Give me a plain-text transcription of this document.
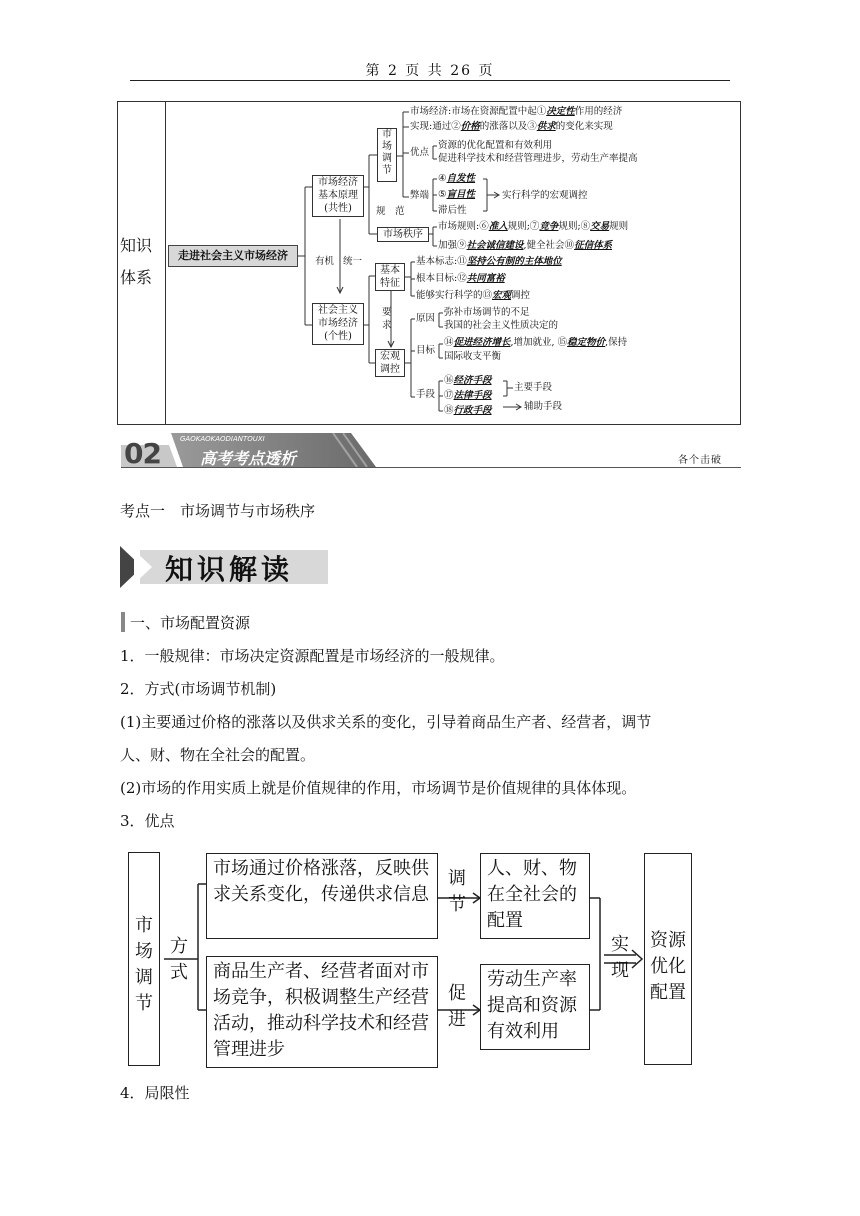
第 2 页 共 26 页
知识
体系
走进社会主义市场经济
市场经济
基本原理
(共性)
社会主义
市场经济
(个性)
有机 统一
市
场
调
节
规　范
市场秩序
基本
特征
要
求
宏观
调控
市场经济:市场在资源配置中起①决定性作用的经济
实现:通过②价格的涨落以及③供求的变化来实现
优点
资源的优化配置和有效利用
促进科学技术和经营管理进步，劳动生产率提高
弊端
④自发性
⑤盲目性
滞后性
实行科学的宏观调控
市场规则:⑥准入规则;⑦竞争规则;⑧交易规则
加强⑨社会诚信建设,健全社会⑩征信体系
基本标志:⑪坚持公有制的主体地位
根本目标:⑫共同富裕
能够实行科学的⑬宏观调控
原因
弥补市场调节的不足
我国的社会主义性质决定的
目标
⑭促进经济增长,增加就业, ⑮稳定物价,保持
国际收支平衡
手段
⑯经济手段
⑰法律手段
⑱行政手段
主要手段
辅助手段
02	GAOKAOKAODIANTOUXI
高考考点透析	各个击破
考点一　市场调节与市场秩序
知识解读
一、市场配置资源
1．一般规律：市场决定资源配置是市场经济的一般规律。
2．方式(市场调节机制)
(1)主要通过价格的涨落以及供求关系的变化，引导着商品生产者、经营者，调节
人、财、物在全社会的配置。
(2)市场的作用实质上就是价值规律的作用，市场调节是价值规律的具体体现。
3．优点
市
场
调
节
方
式
市场通过价格涨落，反映供求关系变化，传递供求信息
商品生产者、经营者面对市场竞争，积极调整生产经营活动，推动科学技术和经营管理进步
调
节
促
进
人、财、物在全社会的配置
劳动生产率提高和资源有效利用
实
现
资源
优化
配置
4．局限性
